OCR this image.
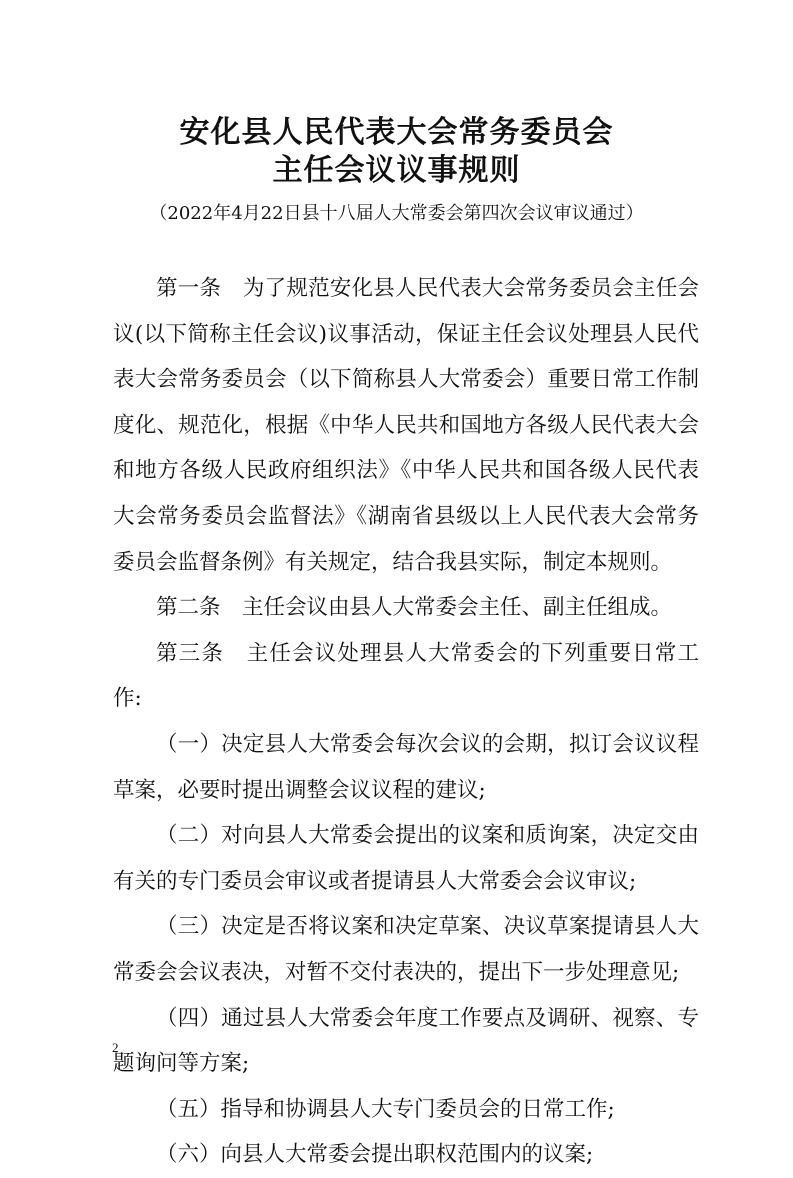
安化县人民代表大会常务委员会
主任会议议事规则
（2022年4月22日县十八届人大常委会第四次会议审议通过）

第一条　为了规范安化县人民代表大会常务委员会主任会议(以下简称主任会议)议事活动，保证主任会议处理县人民代表大会常务委员会（以下简称县人大常委会）重要日常工作制度化、规范化，根据《中华人民共和国地方各级人民代表大会和地方各级人民政府组织法》《中华人民共和国各级人民代表大会常务委员会监督法》《湖南省县级以上人民代表大会常务委员会监督条例》有关规定，结合我县实际，制定本规则。

第二条　主任会议由县人大常委会主任、副主任组成。

第三条　主任会议处理县人大常委会的下列重要日常工作:

（一）决定县人大常委会每次会议的会期，拟订会议议程草案，必要时提出调整会议议程的建议;

（二）对向县人大常委会提出的议案和质询案，决定交由有关的专门委员会审议或者提请县人大常委会会议审议;

（三）决定是否将议案和决定草案、决议草案提请县人大常委会会议表决，对暂不交付表决的，提出下一步处理意见;

（四）通过县人大常委会年度工作要点及调研、视察、专题询问等方案;

（五）指导和协调县人大专门委员会的日常工作;

（六）向县人大常委会提出职权范围内的议案;

2
